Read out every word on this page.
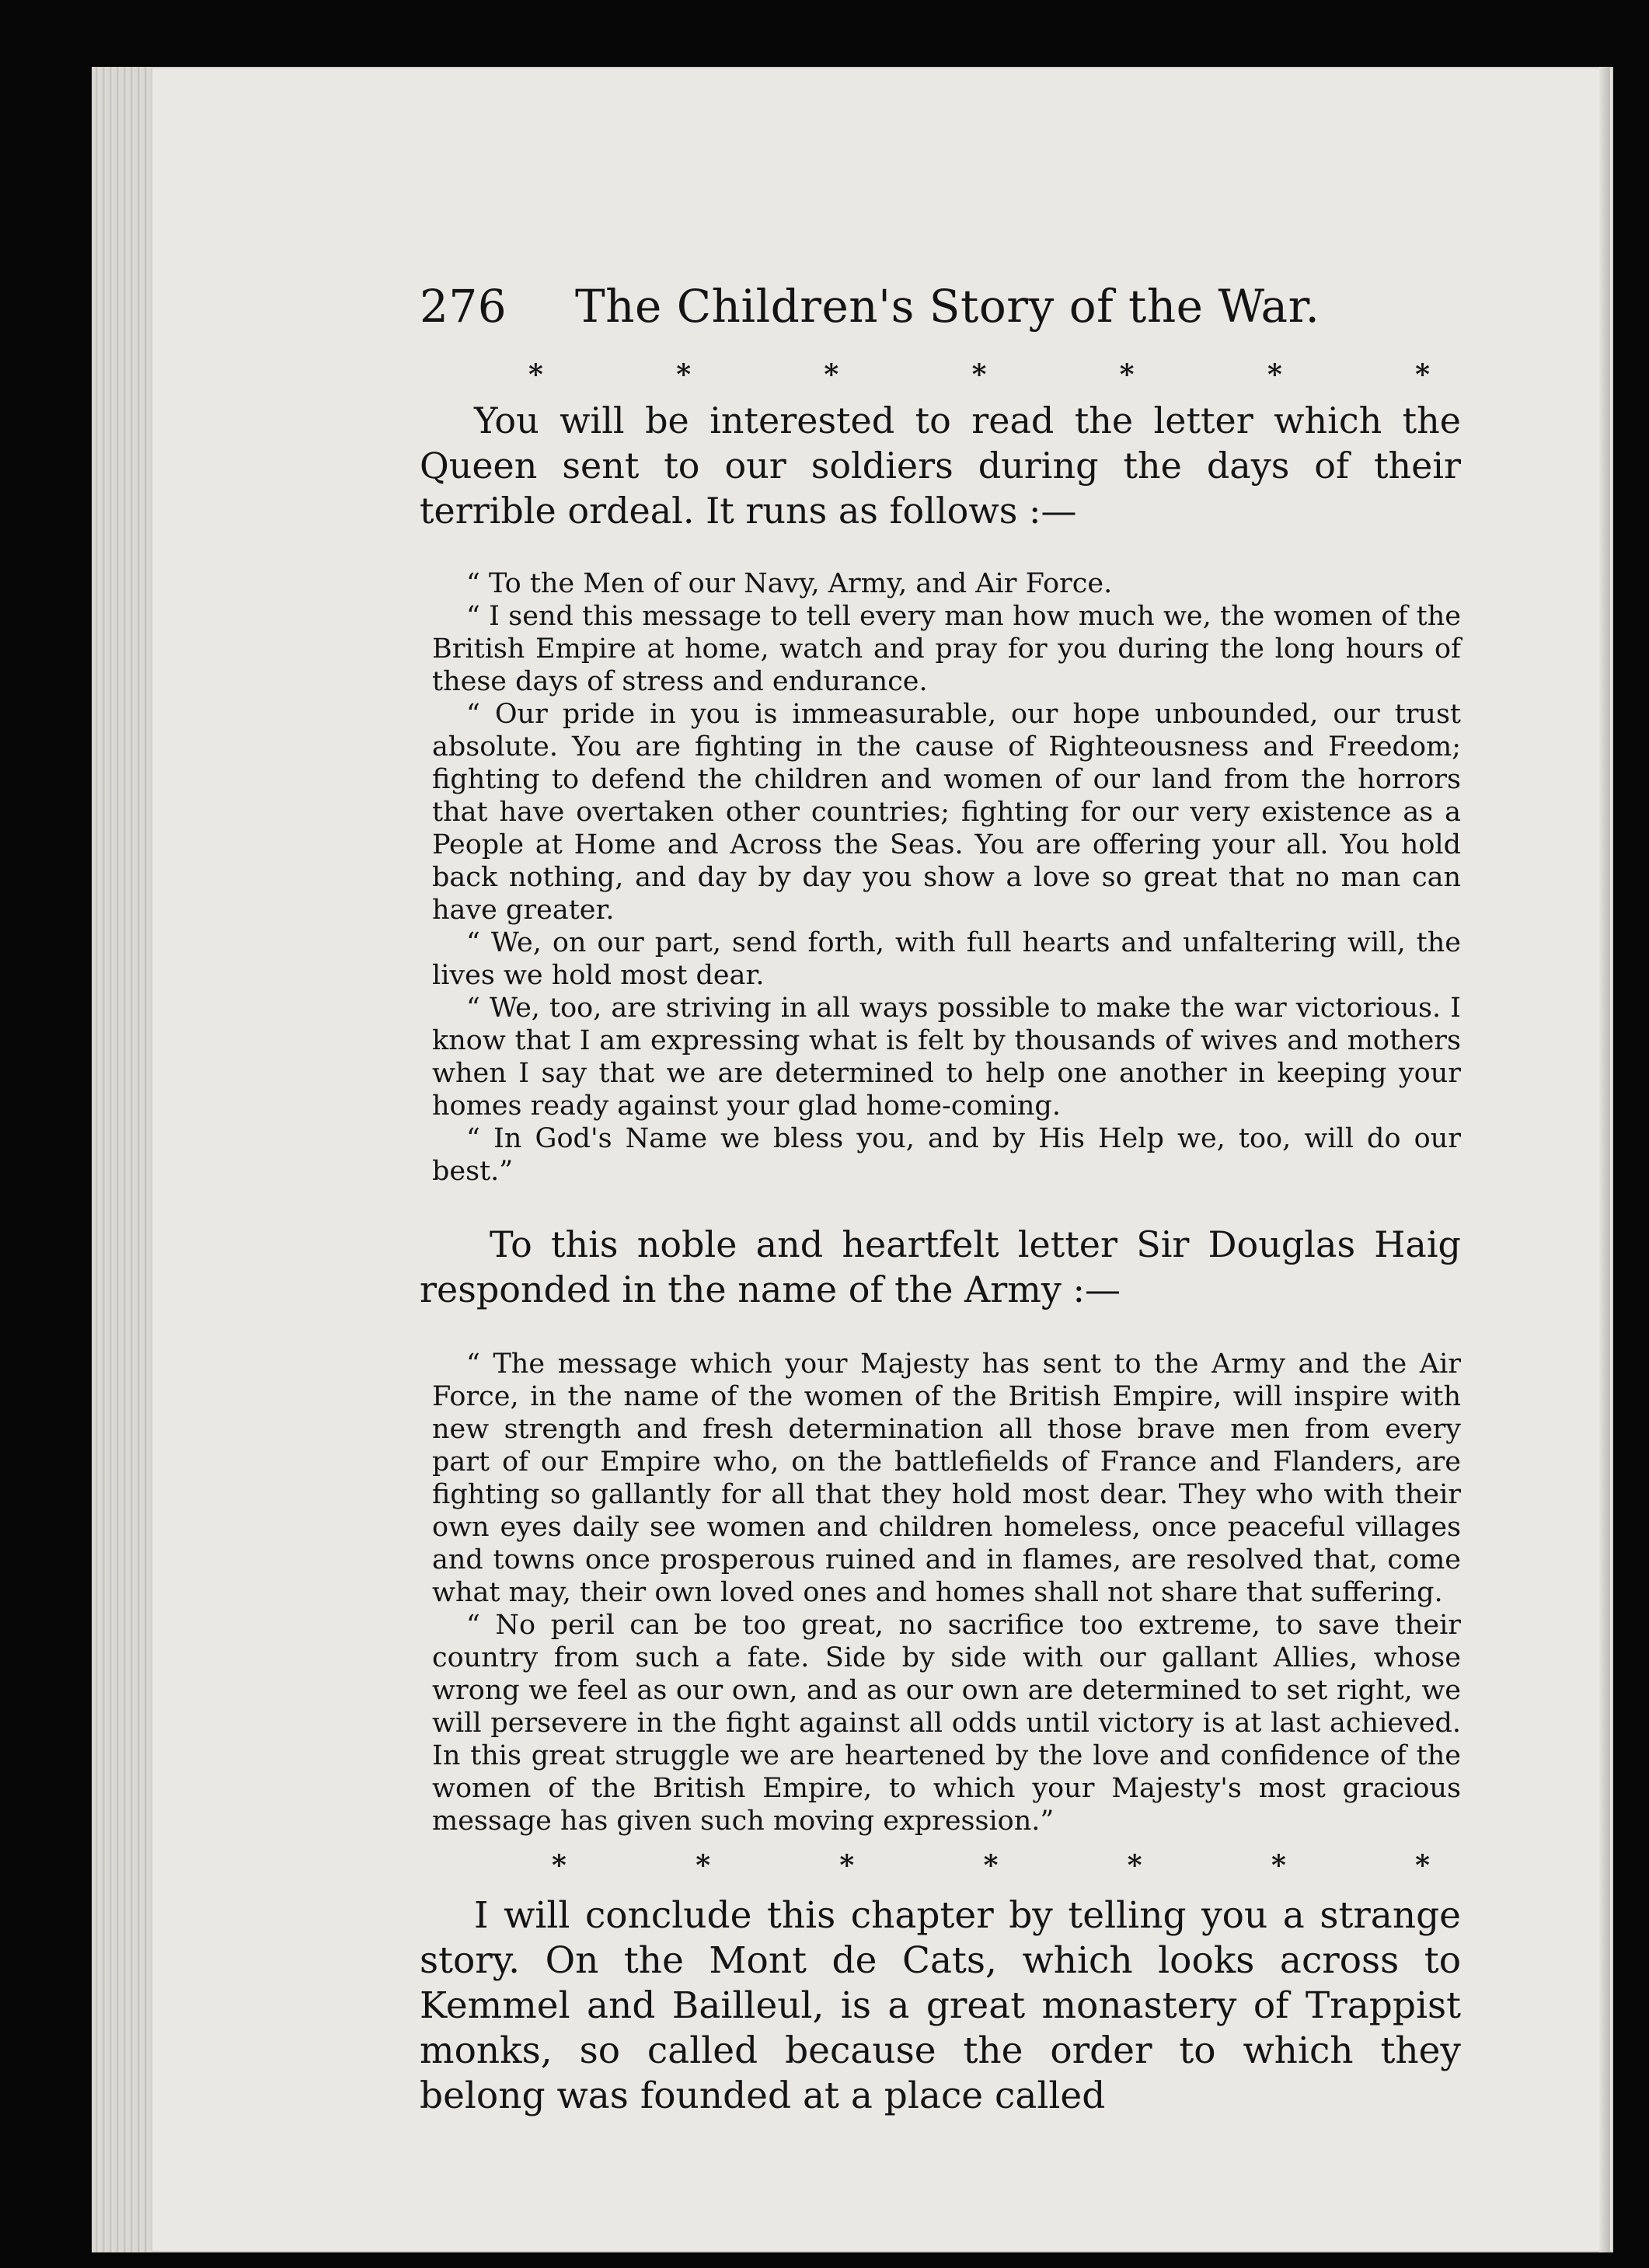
276	The Children's Story of the War.
*	*	*	*	*	*	*

You will be interested to read the letter which the Queen sent to our soldiers during the days of their terrible ordeal. It runs as follows :—

“ To the Men of our Navy, Army, and Air Force.

“ I send this message to tell every man how much we, the women of the British Empire at home, watch and pray for you during the long hours of these days of stress and endurance.

“ Our pride in you is immeasurable, our hope unbounded, our trust absolute. You are fighting in the cause of Righteousness and Freedom; fighting to defend the children and women of our land from the horrors that have overtaken other countries; fighting for our very existence as a People at Home and Across the Seas. You are offering your all. You hold back nothing, and day by day you show a love so great that no man can have greater.

“ We, on our part, send forth, with full hearts and unfaltering will, the lives we hold most dear.

“ We, too, are striving in all ways possible to make the war victorious. I know that I am expressing what is felt by thousands of wives and mothers when I say that we are determined to help one another in keeping your homes ready against your glad home-coming.

“ In God's Name we bless you, and by His Help we, too, will do our best.”

To this noble and heartfelt letter Sir Douglas Haig responded in the name of the Army :—

“ The message which your Majesty has sent to the Army and the Air Force, in the name of the women of the British Empire, will inspire with new strength and fresh determination all those brave men from every part of our Empire who, on the battlefields of France and Flanders, are fighting so gallantly for all that they hold most dear. They who with their own eyes daily see women and children homeless, once peaceful villages and towns once prosperous ruined and in flames, are resolved that, come what may, their own loved ones and homes shall not share that suffering.

“ No peril can be too great, no sacrifice too extreme, to save their country from such a fate. Side by side with our gallant Allies, whose wrong we feel as our own, and as our own are determined to set right, we will persevere in the fight against all odds until victory is at last achieved. In this great struggle we are heartened by the love and confidence of the women of the British Empire, to which your Majesty's most gracious message has given such moving expression.”

*	*	*	*	*	*	*

I will conclude this chapter by telling you a strange story. On the Mont de Cats, which looks across to Kemmel and Bailleul, is a great monastery of Trappist monks, so called because the order to which they belong was founded at a place called
